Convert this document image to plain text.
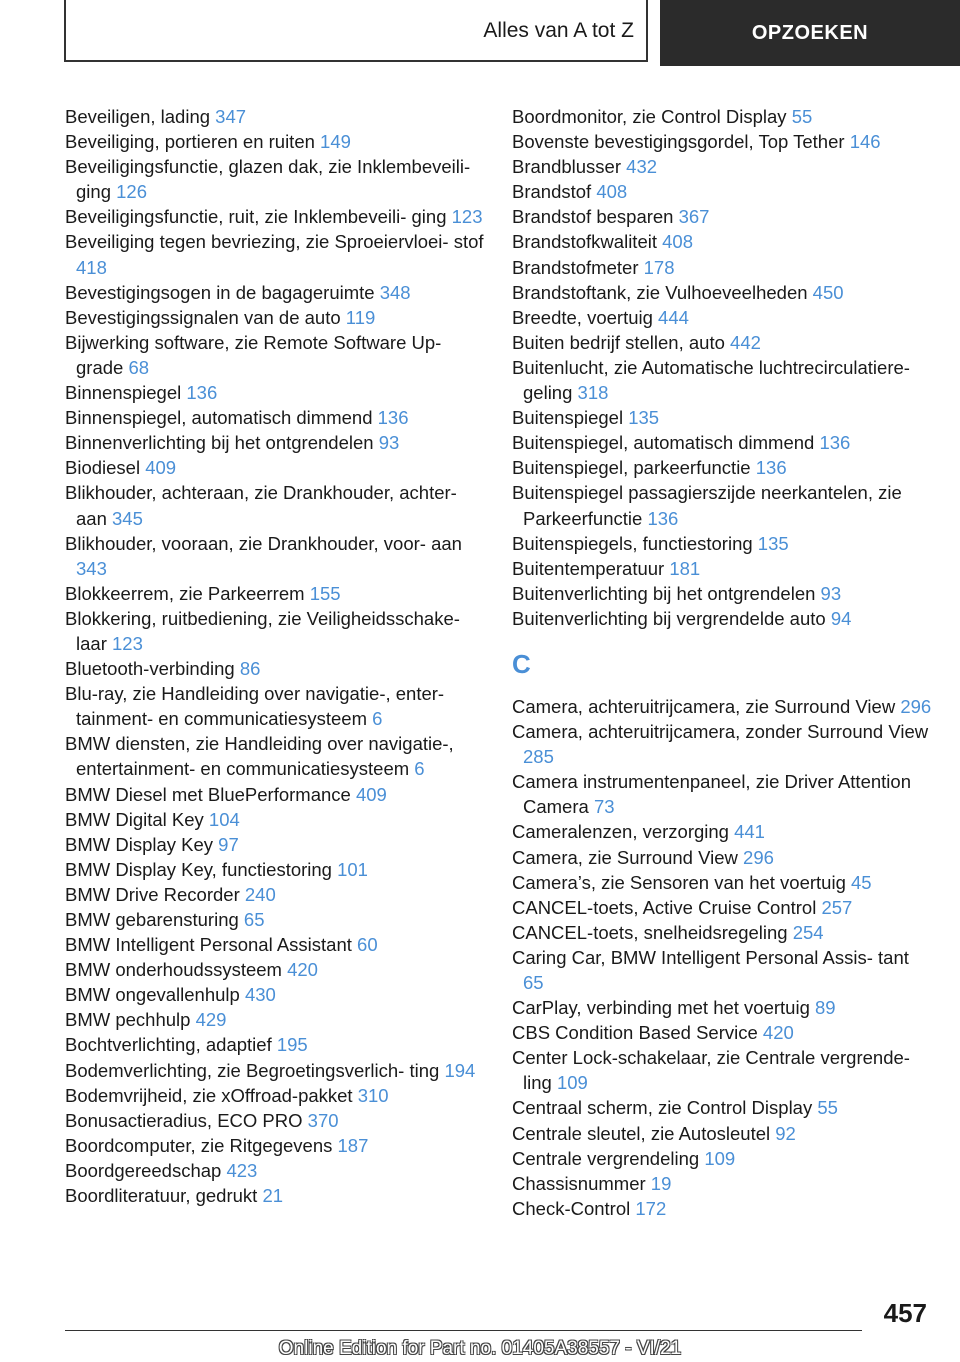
Alles van A tot Z	OPZOEKEN
Beveiligen, lading 347
Beveiliging, portieren en ruiten 149
Beveiligingsfunctie, glazen dak, zie Inklembeveili- ging 126
Beveiligingsfunctie, ruit, zie Inklembeveili- ging 123
Beveiliging tegen bevriezing, zie Sproeiervloei- stof 418
Bevestigingsogen in de bagageruimte 348
Bevestigingssignalen van de auto 119
Bijwerking software, zie Remote Software Up- grade 68
Binnenspiegel 136
Binnenspiegel, automatisch dimmend 136
Binnenverlichting bij het ontgrendelen 93
Biodiesel 409
Blikhouder, achteraan, zie Drankhouder, achter- aan 345
Blikhouder, vooraan, zie Drankhouder, voor- aan 343
Blokkeerrem, zie Parkeerrem 155
Blokkering, ruitbediening, zie Veiligheidsschake- laar 123
Bluetooth-verbinding 86
Blu-ray, zie Handleiding over navigatie-, enter- tainment- en communicatiesysteem 6
BMW diensten, zie Handleiding over navigatie-, entertainment- en communicatiesysteem 6
BMW Diesel met BluePerformance 409
BMW Digital Key 104
BMW Display Key 97
BMW Display Key, functiestoring 101
BMW Drive Recorder 240
BMW gebarensturing 65
BMW Intelligent Personal Assistant 60
BMW onderhoudssysteem 420
BMW ongevallenhulp 430
BMW pechhulp 429
Bochtverlichting, adaptief 195
Bodemverlichting, zie Begroetingsverlich- ting 194
Bodemvrijheid, zie xOffroad-pakket 310
Bonusactieradius, ECO PRO 370
Boordcomputer, zie Ritgegevens 187
Boordgereedschap 423
Boordliteratuur, gedrukt 21
Boordmonitor, zie Control Display 55
Bovenste bevestigingsgordel, Top Tether 146
Brandblusser 432
Brandstof 408
Brandstof besparen 367
Brandstofkwaliteit 408
Brandstofmeter 178
Brandstoftank, zie Vulhoeveelheden 450
Breedte, voertuig 444
Buiten bedrijf stellen, auto 442
Buitenlucht, zie Automatische luchtrecirculatiere- geling 318
Buitenspiegel 135
Buitenspiegel, automatisch dimmend 136
Buitenspiegel, parkeerfunctie 136
Buitenspiegel passagierszijde neerkantelen, zie Parkeerfunctie 136
Buitenspiegels, functiestoring 135
Buitentemperatuur 181
Buitenverlichting bij het ontgrendelen 93
Buitenverlichting bij vergrendelde auto 94
C
Camera, achteruitrijcamera, zie Surround View 296
Camera, achteruitrijcamera, zonder Surround View 285
Camera instrumentenpaneel, zie Driver Attention Camera 73
Cameralenzen, verzorging 441
Camera, zie Surround View 296
Camera’s, zie Sensoren van het voertuig 45
CANCEL-toets, Active Cruise Control 257
CANCEL-toets, snelheidsregeling 254
Caring Car, BMW Intelligent Personal Assis- tant 65
CarPlay, verbinding met het voertuig 89
CBS Condition Based Service 420
Center Lock-schakelaar, zie Centrale vergrende- ling 109
Centraal scherm, zie Control Display 55
Centrale sleutel, zie Autosleutel 92
Centrale vergrendeling 109
Chassisnummer 19
Check-Control 172
457
Online Edition for Part no. 01405A38557 - VI/21
